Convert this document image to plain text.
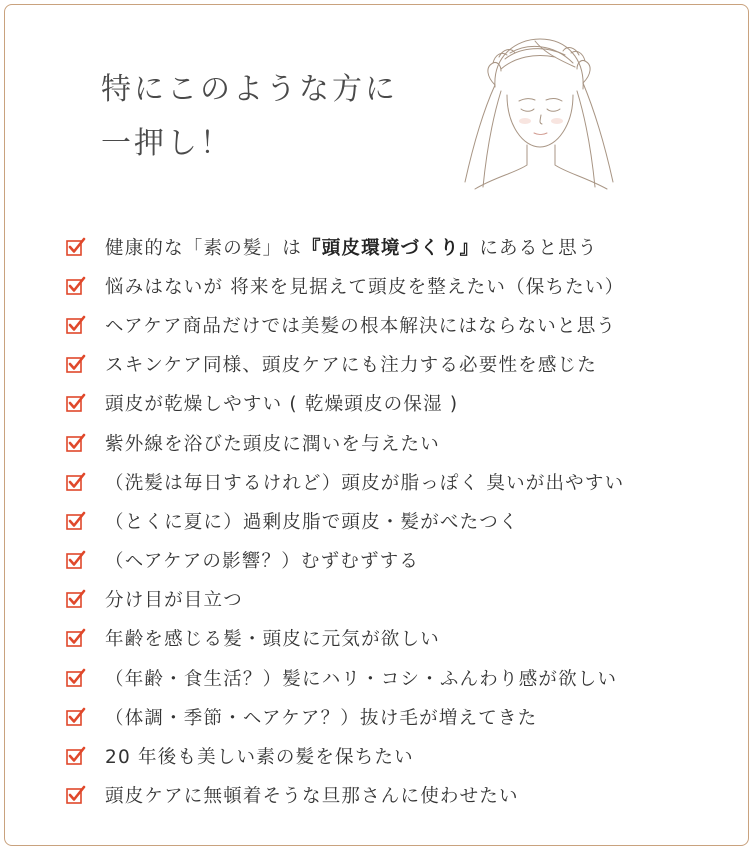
特にこのような方に
一押し！
健康的な「素の髪」は『頭皮環境づくり』にあると思う
悩みはないが 将来を見据えて頭皮を整えたい（保ちたい）
ヘアケア商品だけでは美髪の根本解決にはならないと思う
スキンケア同様、頭皮ケアにも注力する必要性を感じた
頭皮が乾燥しやすい ( 乾燥頭皮の保湿 )
紫外線を浴びた頭皮に潤いを与えたい
（洗髪は毎日するけれど）頭皮が脂っぽく 臭いが出やすい
（とくに夏に）過剰皮脂で頭皮・髪がべたつく
（ヘアケアの影響？）むずむずする
分け目が目立つ
年齢を感じる髪・頭皮に元気が欲しい
（年齢・食生活？）髪にハリ・コシ・ふんわり感が欲しい
（体調・季節・ヘアケア？）抜け毛が増えてきた
20 年後も美しい素の髪を保ちたい
頭皮ケアに無頓着そうな旦那さんに使わせたい
